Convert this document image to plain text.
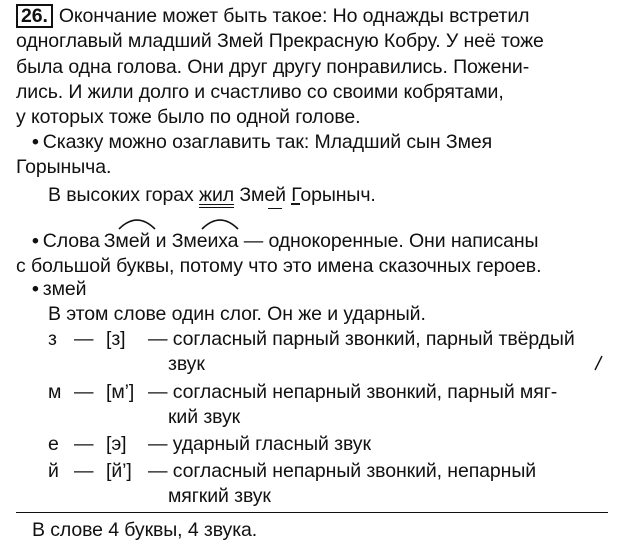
26. Окончание может быть такое: Но однажды встретил
одноглавый младший Змей Прекрасную Кобру. У неё тоже
была одна голова. Они друг другу понравились. Пожени-
лись. И жили долго и счастливо со своими кобрятами,
у которых тоже было по одной голове.
• Сказку можно озаглавить так: Младший сын Змея
Горыныча.
В высоких горах жил Змей Горыныч.
• Слова Змей и Змеиха — однокоренные. Они написаны
с большой буквы, потому что это имена сказочных героев.
• змей
В этом слове один слог. Он же и ударный.
з — [з] — согласный парный звонкий, парный твёрдый
звук
м — [м’] — согласный непарный звонкий, парный мяг-
кий звук
е — [э] — ударный гласный звук
й — [й’] — согласный непарный звонкий, непарный
мягкий звук
В слове 4 буквы, 4 звука.
